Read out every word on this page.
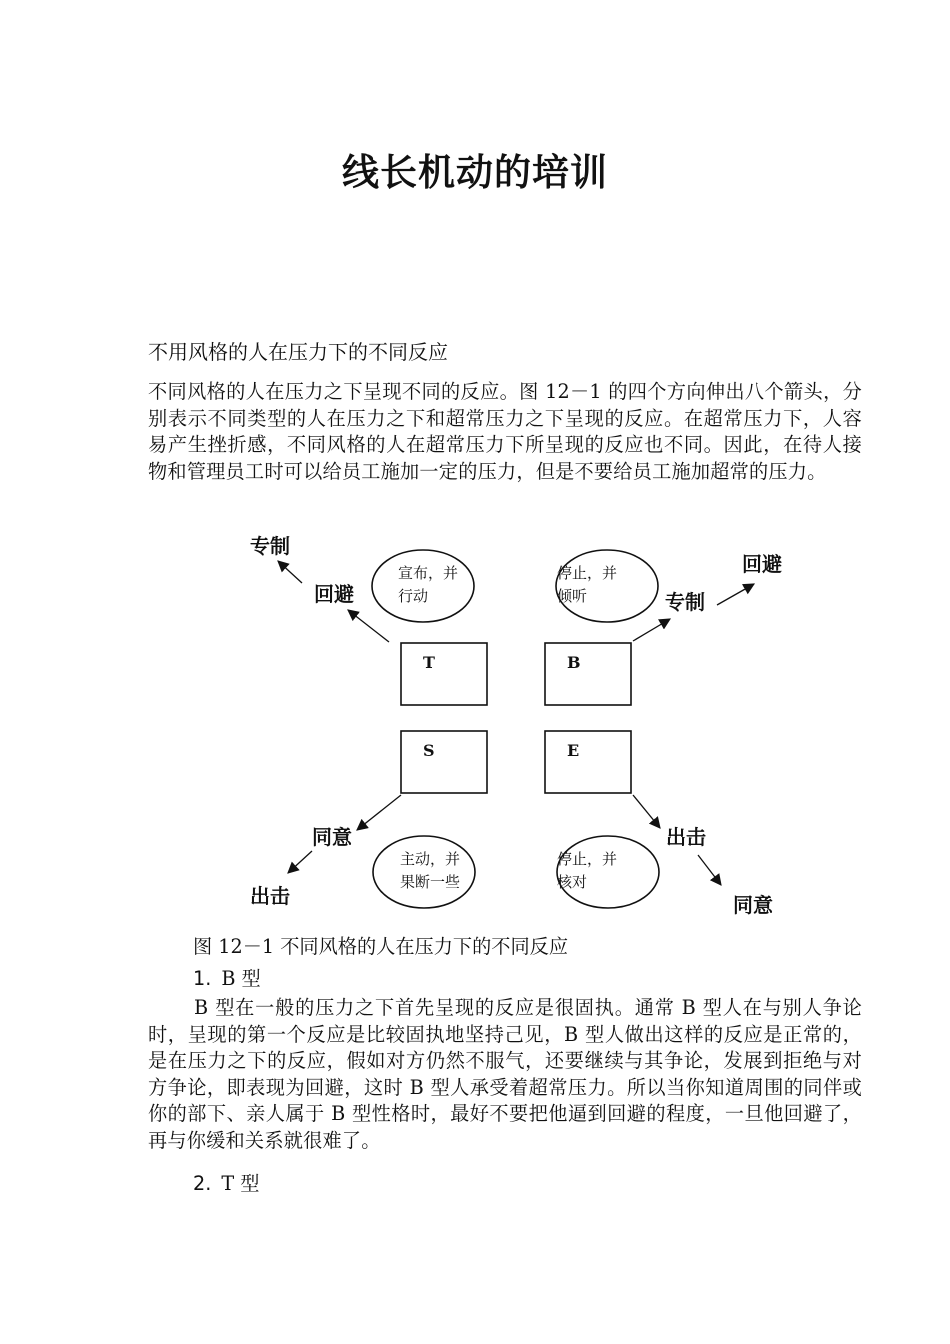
线长机动的培训
不用风格的人在压力下的不同反应

不同风格的人在压力之下呈现不同的反应。图 12－1 的四个方向伸出八个箭头，分别表示不同类型的人在压力之下和超常压力之下呈现的反应。在超常压力下，人容易产生挫折感，不同风格的人在超常压力下所呈现的反应也不同。因此，在待人接物和管理员工时可以给员工施加一定的压力，但是不要给员工施加超常的压力。

宣布，并
行动
停止，并
倾听
主动，并
果断一些
停止，并
核对
T	B
S	E
专制
回避	专制
回避
同意
出击
出击
同意
图 12－1 不同风格的人在压力下的不同反应
1. B 型

B 型在一般的压力之下首先呈现的反应是很固执。通常 B 型人在与别人争论时，呈现的第一个反应是比较固执地坚持己见，B 型人做出这样的反应是正常的，是在压力之下的反应，假如对方仍然不服气，还要继续与其争论，发展到拒绝与对方争论，即表现为回避，这时 B 型人承受着超常压力。所以当你知道周围的同伴或你的部下、亲人属于 B 型性格时，最好不要把他逼到回避的程度，一旦他回避了，再与你缓和关系就很难了。

2. T 型
